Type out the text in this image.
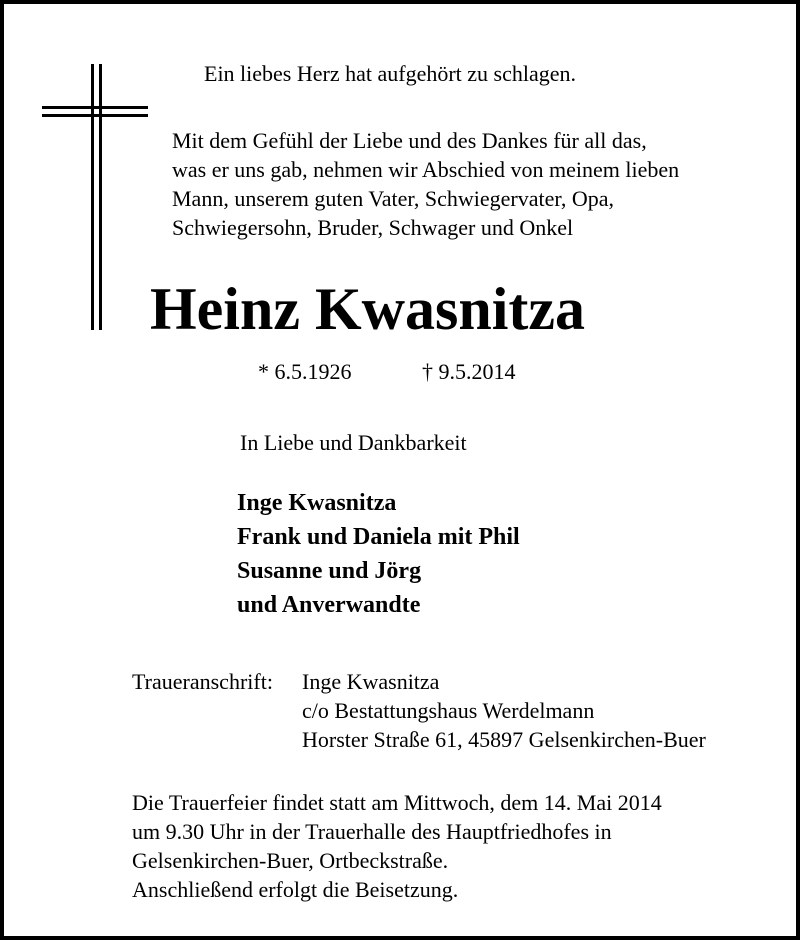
Ein liebes Herz hat aufgehört zu schlagen.
Mit dem Gefühl der Liebe und des Dankes für all das,
was er uns gab, nehmen wir Abschied von meinem lieben
Mann, unserem guten Vater, Schwiegervater, Opa,
Schwiegersohn, Bruder, Schwager und Onkel
Heinz Kwasnitza
* 6.5.1926	† 9.5.2014
In Liebe und Dankbarkeit
Inge Kwasnitza
Frank und Daniela mit Phil
Susanne und Jörg
und Anverwandte
Traueranschrift: Inge Kwasnitza
c/o Bestattungshaus Werdelmann
Horster Straße 61, 45897 Gelsenkirchen-Buer
Die Trauerfeier findet statt am Mittwoch, dem 14. Mai 2014
um 9.30 Uhr in der Trauerhalle des Hauptfriedhofes in
Gelsenkirchen-Buer, Ortbeckstraße.
Anschließend erfolgt die Beisetzung.
